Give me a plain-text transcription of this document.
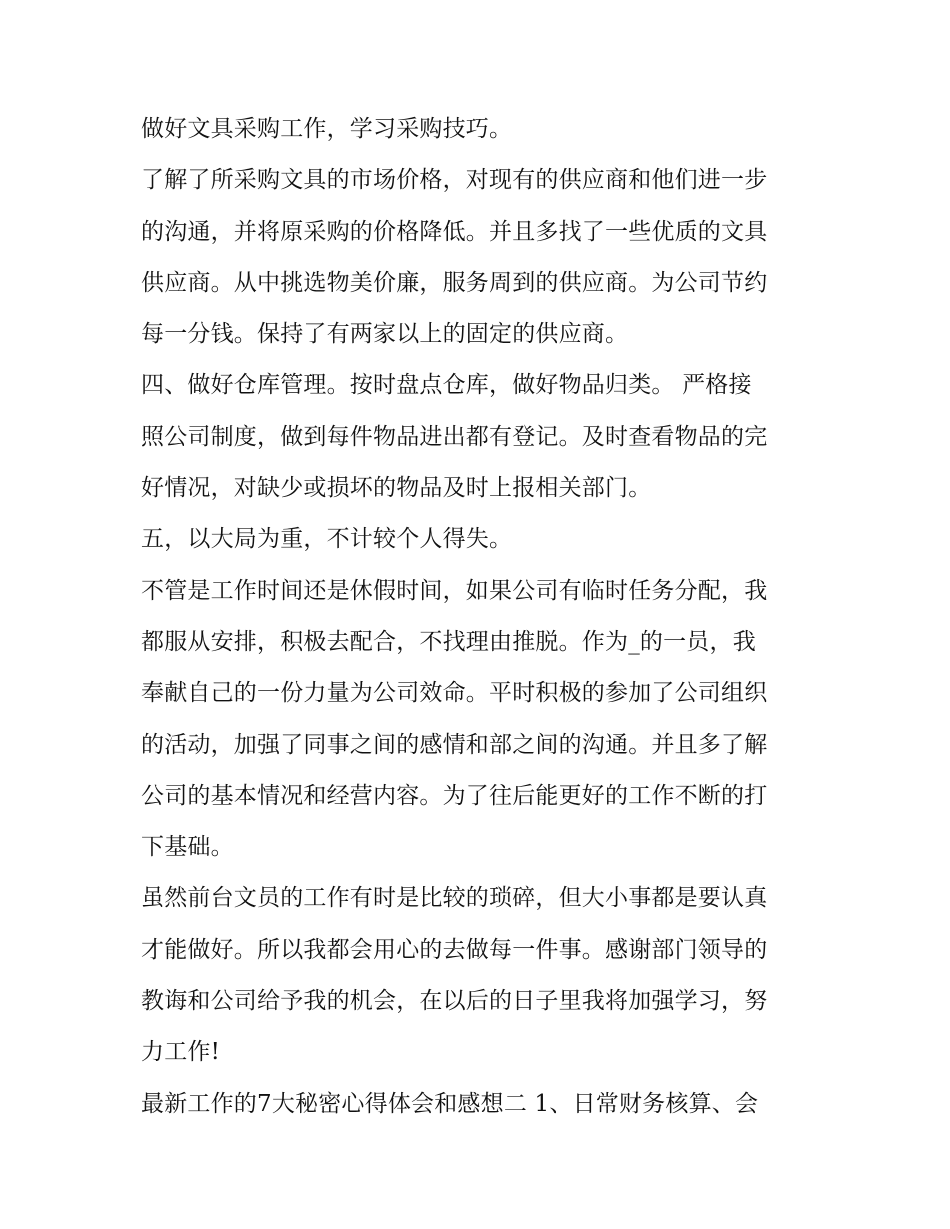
做好文具采购工作，学习采购技巧。
了解了所采购文具的市场价格，对现有的供应商和他们进一步
的沟通，并将原采购的价格降低。并且多找了一些优质的文具
供应商。从中挑选物美价廉，服务周到的供应商。为公司节约
每一分钱。保持了有两家以上的固定的供应商。
四、做好仓库管理。按时盘点仓库，做好物品归类。 严格接
照公司制度，做到每件物品进出都有登记。及时查看物品的完
好情况，对缺少或损坏的物品及时上报相关部门。
五，以大局为重，不计较个人得失。
不管是工作时间还是休假时间，如果公司有临时任务分配，我
都服从安排，积极去配合，不找理由推脱。作为_的一员，我
奉献自己的一份力量为公司效命。平时积极的参加了公司组织
的活动，加强了同事之间的感情和部之间的沟通。并且多了解
公司的基本情况和经营内容。为了往后能更好的工作不断的打
下基础。
虽然前台文员的工作有时是比较的琐碎，但大小事都是要认真
才能做好。所以我都会用心的去做每一件事。感谢部门领导的
教诲和公司给予我的机会，在以后的日子里我将加强学习，努
力工作!
最新工作的7大秘密心得体会和感想二 1、日常财务核算、会
